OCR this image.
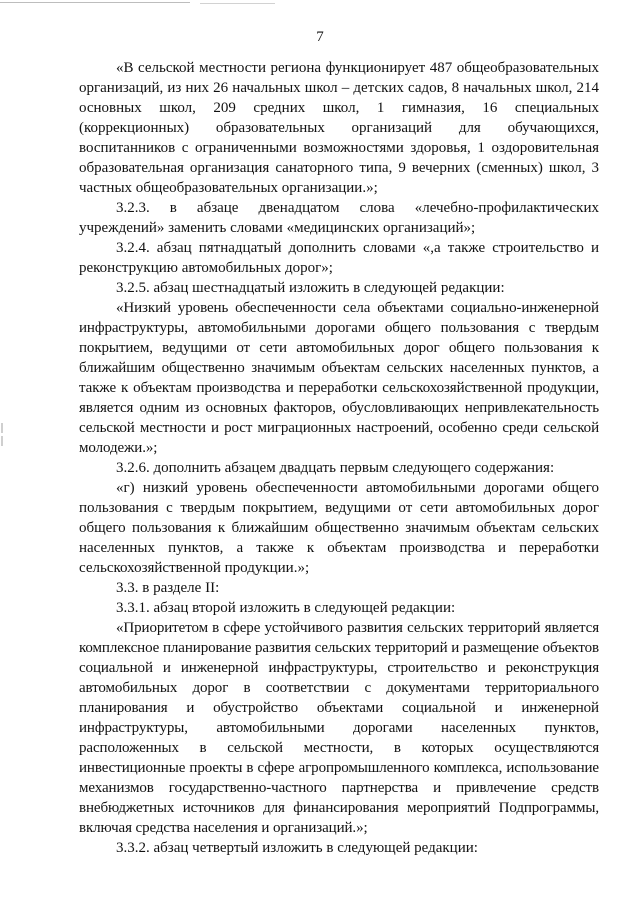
7

«В сельской местности региона функционирует 487 общеобразовательных организаций, из них 26 начальных школ – детских садов, 8 начальных школ, 214 основных школ, 209 средних школ, 1 гимназия, 16 специальных (коррекционных) образовательных организаций для обучающихся, воспитанников с ограниченными возможностями здоровья, 1 оздоровительная образовательная организация санаторного типа, 9 вечерних (сменных) школ, 3 частных общеобразовательных организации.»;

3.2.3. в абзаце двенадцатом слова «лечебно-профилактических учреждений» заменить словами «медицинских организаций»;

3.2.4. абзац пятнадцатый дополнить словами «,а также строительство и реконструкцию автомобильных дорог»;

3.2.5. абзац шестнадцатый изложить в следующей редакции:

«Низкий уровень обеспеченности села объектами социально-инженерной инфраструктуры, автомобильными дорогами общего пользования с твердым покрытием, ведущими от сети автомобильных дорог общего пользования к ближайшим общественно значимым объектам сельских населенных пунктов, а также к объектам производства и переработки сельскохозяйственной продукции, является одним из основных факторов, обусловливающих непривлекательность сельской местности и рост миграционных настроений, особенно среди сельской молодежи.»;

3.2.6. дополнить абзацем двадцать первым следующего содержания:

«г) низкий уровень обеспеченности автомобильными дорогами общего пользования с твердым покрытием, ведущими от сети автомобильных дорог общего пользования к ближайшим общественно значимым объектам сельских населенных пунктов, а также к объектам производства и переработки сельскохозяйственной продукции.»;

3.3. в разделе II:

3.3.1. абзац второй изложить в следующей редакции:

«Приоритетом в сфере устойчивого развития сельских территорий является комплексное планирование развития сельских территорий и размещение объектов социальной и инженерной инфраструктуры, строительство и реконструкция автомобильных дорог в соответствии с документами территориального планирования и обустройство объектами социальной и инженерной инфраструктуры, автомобильными дорогами населенных пунктов, расположенных в сельской местности, в которых осуществляются инвестиционные проекты в сфере агропромышленного комплекса, использование механизмов государственно-частного партнерства и привлечение средств внебюджетных источников для финансирования мероприятий Подпрограммы, включая средства населения и организаций.»;

3.3.2. абзац четвертый изложить в следующей редакции:
